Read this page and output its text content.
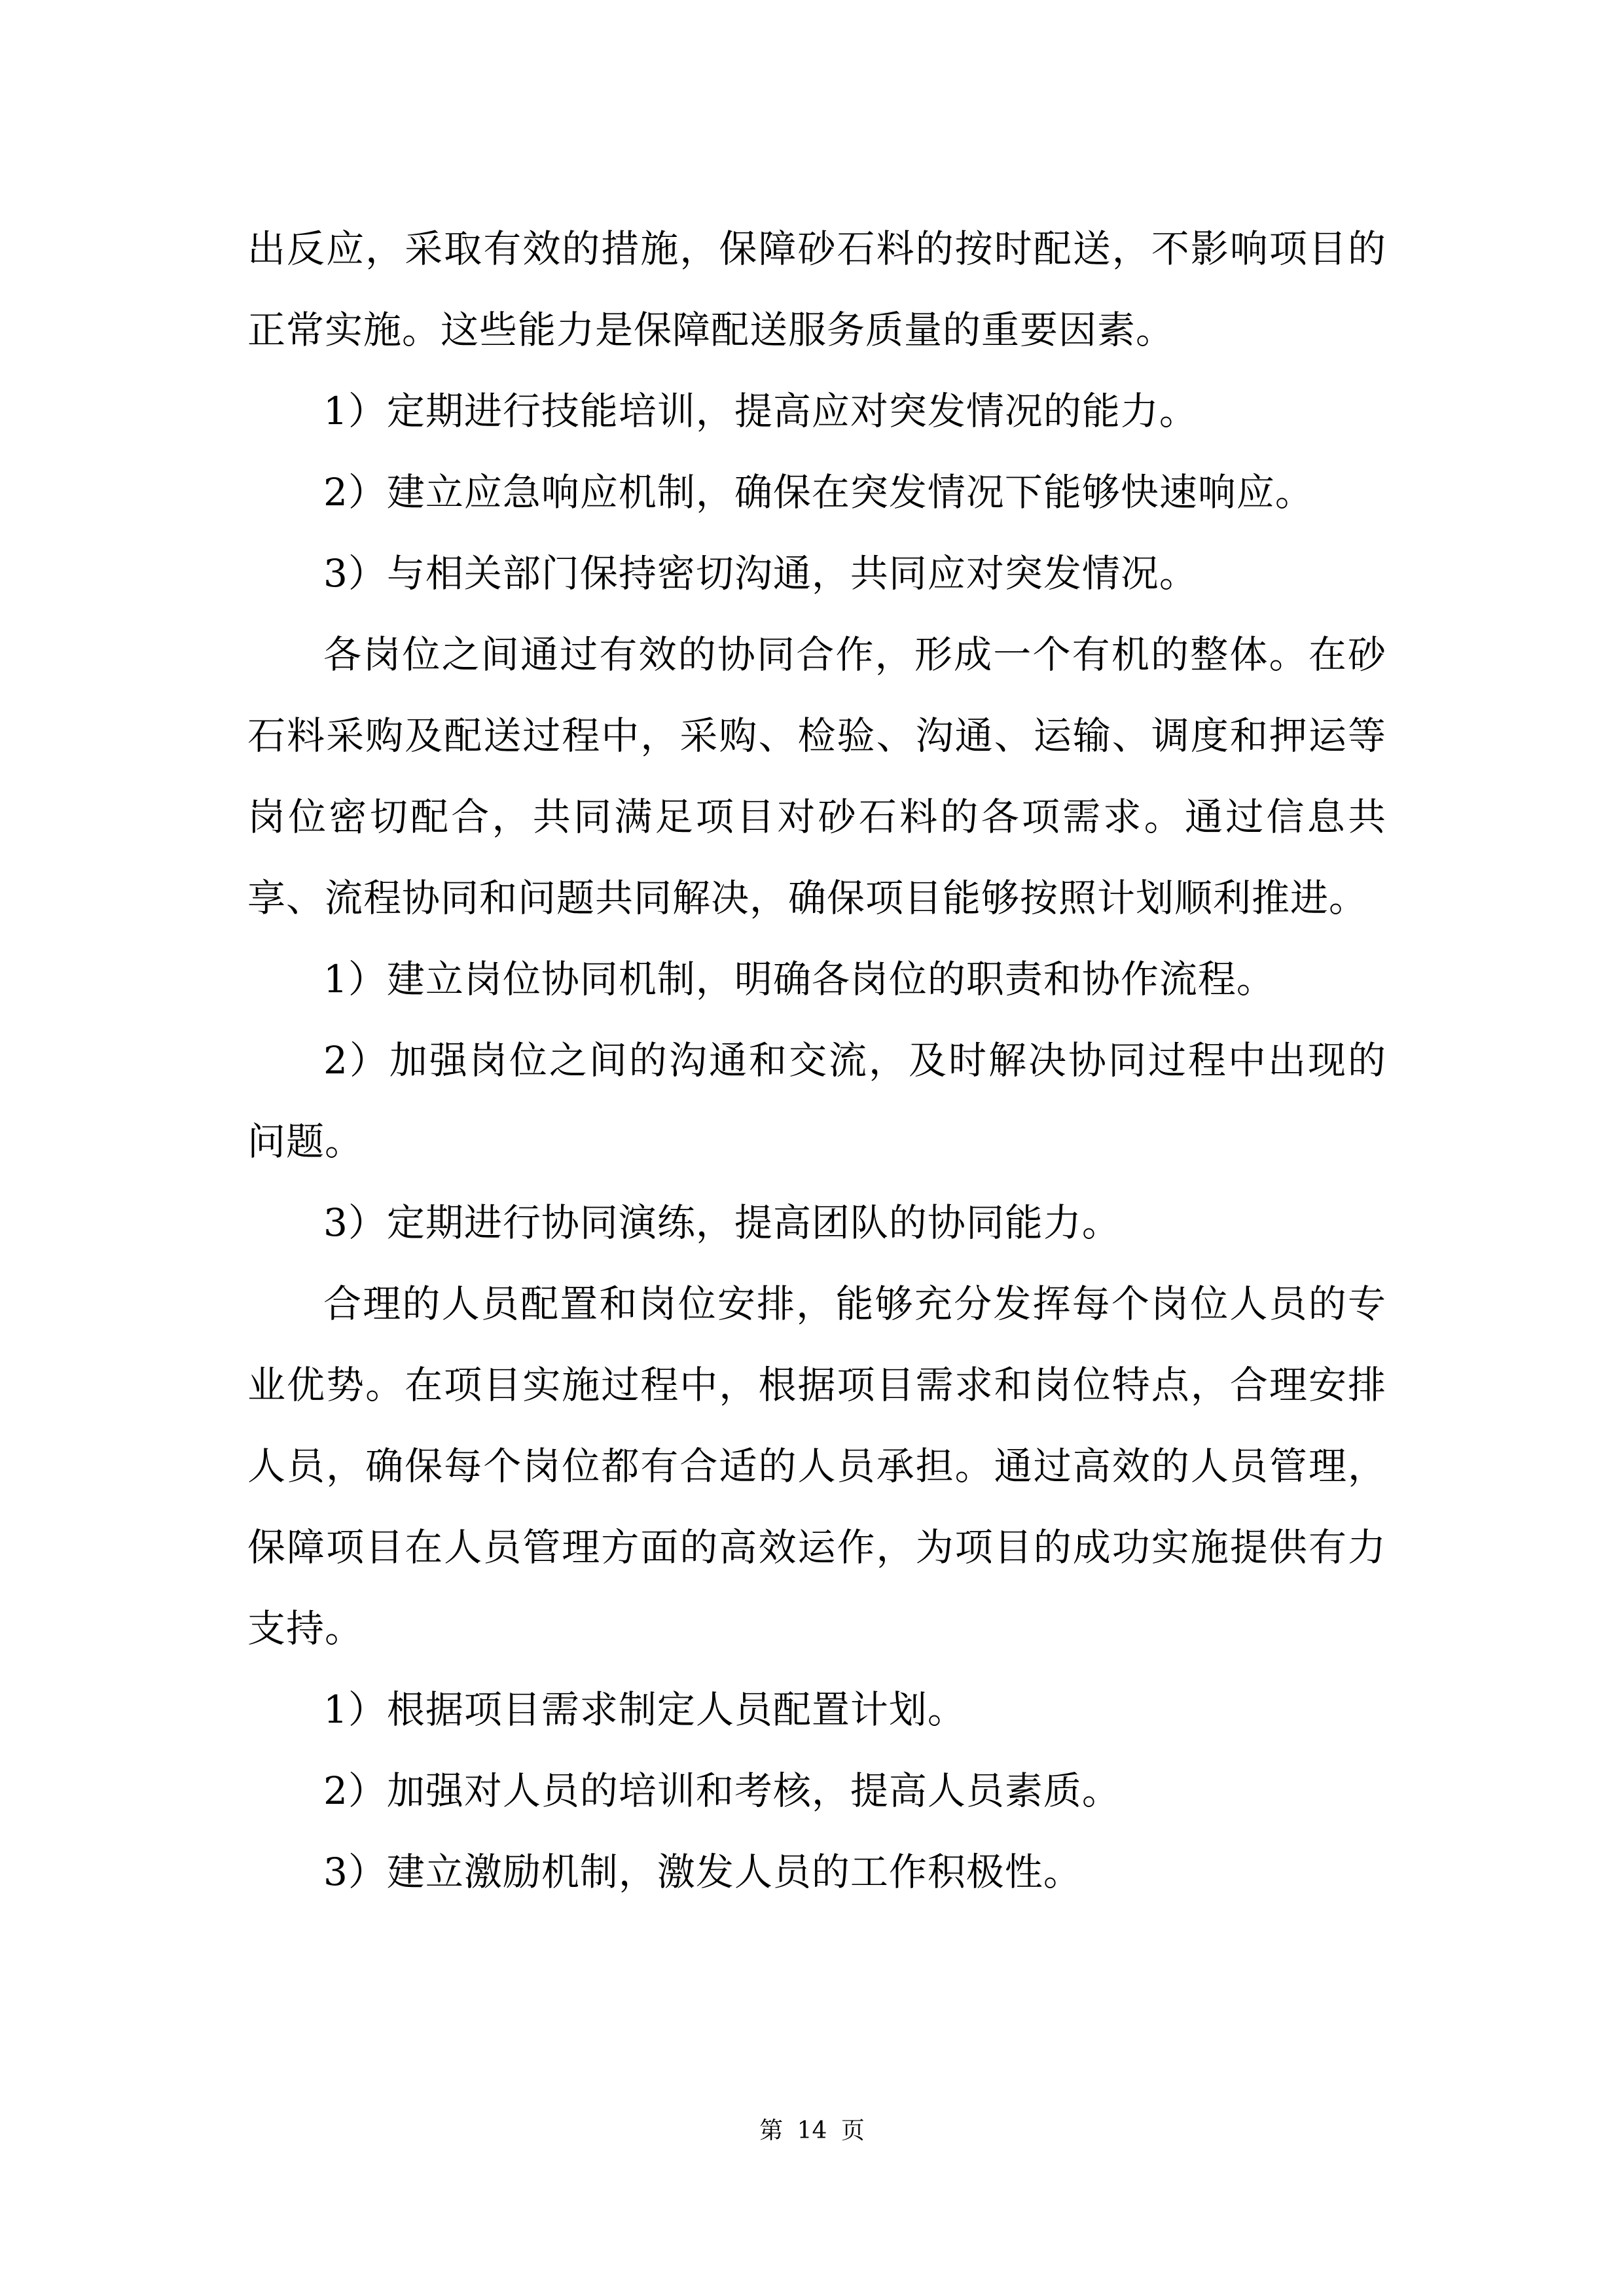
出反应，采取有效的措施，保障砂石料的按时配送，不影响项目的正常实施。这些能力是保障配送服务质量的重要因素。

1）定期进行技能培训，提高应对突发情况的能力。

2）建立应急响应机制，确保在突发情况下能够快速响应。

3）与相关部门保持密切沟通，共同应对突发情况。

各岗位之间通过有效的协同合作，形成一个有机的整体。在砂石料采购及配送过程中，采购、检验、沟通、运输、调度和押运等岗位密切配合，共同满足项目对砂石料的各项需求。通过信息共享、流程协同和问题共同解决，确保项目能够按照计划顺利推进。

1）建立岗位协同机制，明确各岗位的职责和协作流程。

2）加强岗位之间的沟通和交流，及时解决协同过程中出现的问题。

3）定期进行协同演练，提高团队的协同能力。

合理的人员配置和岗位安排，能够充分发挥每个岗位人员的专业优势。在项目实施过程中，根据项目需求和岗位特点，合理安排人员，确保每个岗位都有合适的人员承担。通过高效的人员管理，保障项目在人员管理方面的高效运作，为项目的成功实施提供有力支持。

1）根据项目需求制定人员配置计划。

2）加强对人员的培训和考核，提高人员素质。

3）建立激励机制，激发人员的工作积极性。

第 14 页
